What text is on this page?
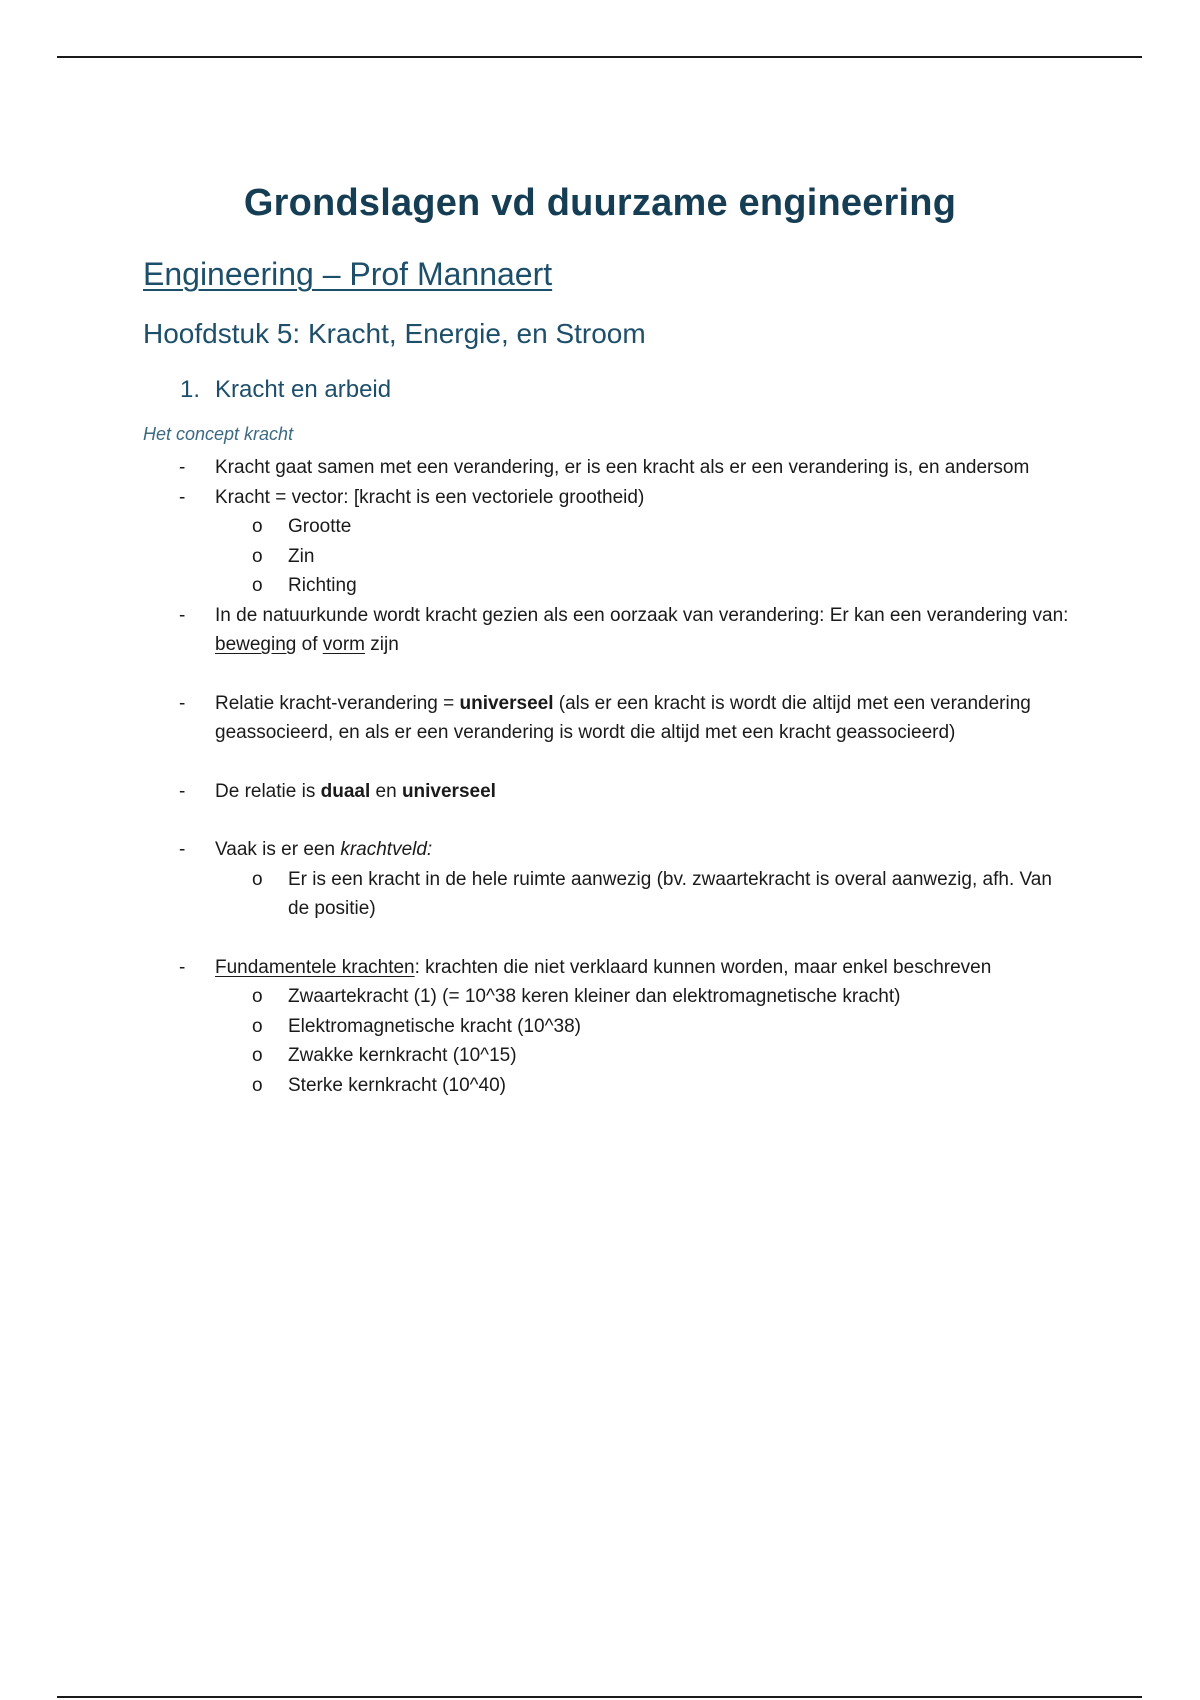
Grondslagen vd duurzame engineering
Engineering – Prof Mannaert
Hoofdstuk 5: Kracht, Energie, en Stroom
1. Kracht en arbeid
Het concept kracht
- Kracht gaat samen met een verandering, er is een kracht als er een verandering is, en andersom
- Kracht = vector: [kracht is een vectoriele grootheid)
o Grootte
o Zin
o Richting
- In de natuurkunde wordt kracht gezien als een oorzaak van verandering: Er kan een verandering van: beweging of vorm zijn
- Relatie kracht-verandering = universeel (als er een kracht is wordt die altijd met een verandering geassocieerd, en als er een verandering is wordt die altijd met een kracht geassocieerd)
- De relatie is duaal en universeel
- Vaak is er een krachtveld:
o Er is een kracht in de hele ruimte aanwezig (bv. zwaartekracht is overal aanwezig, afh. Van de positie)
- Fundamentele krachten: krachten die niet verklaard kunnen worden, maar enkel beschreven
o Zwaartekracht (1) (= 10^38 keren kleiner dan elektromagnetische kracht)
o Elektromagnetische kracht (10^38)
o Zwakke kernkracht (10^15)
o Sterke kernkracht (10^40)
